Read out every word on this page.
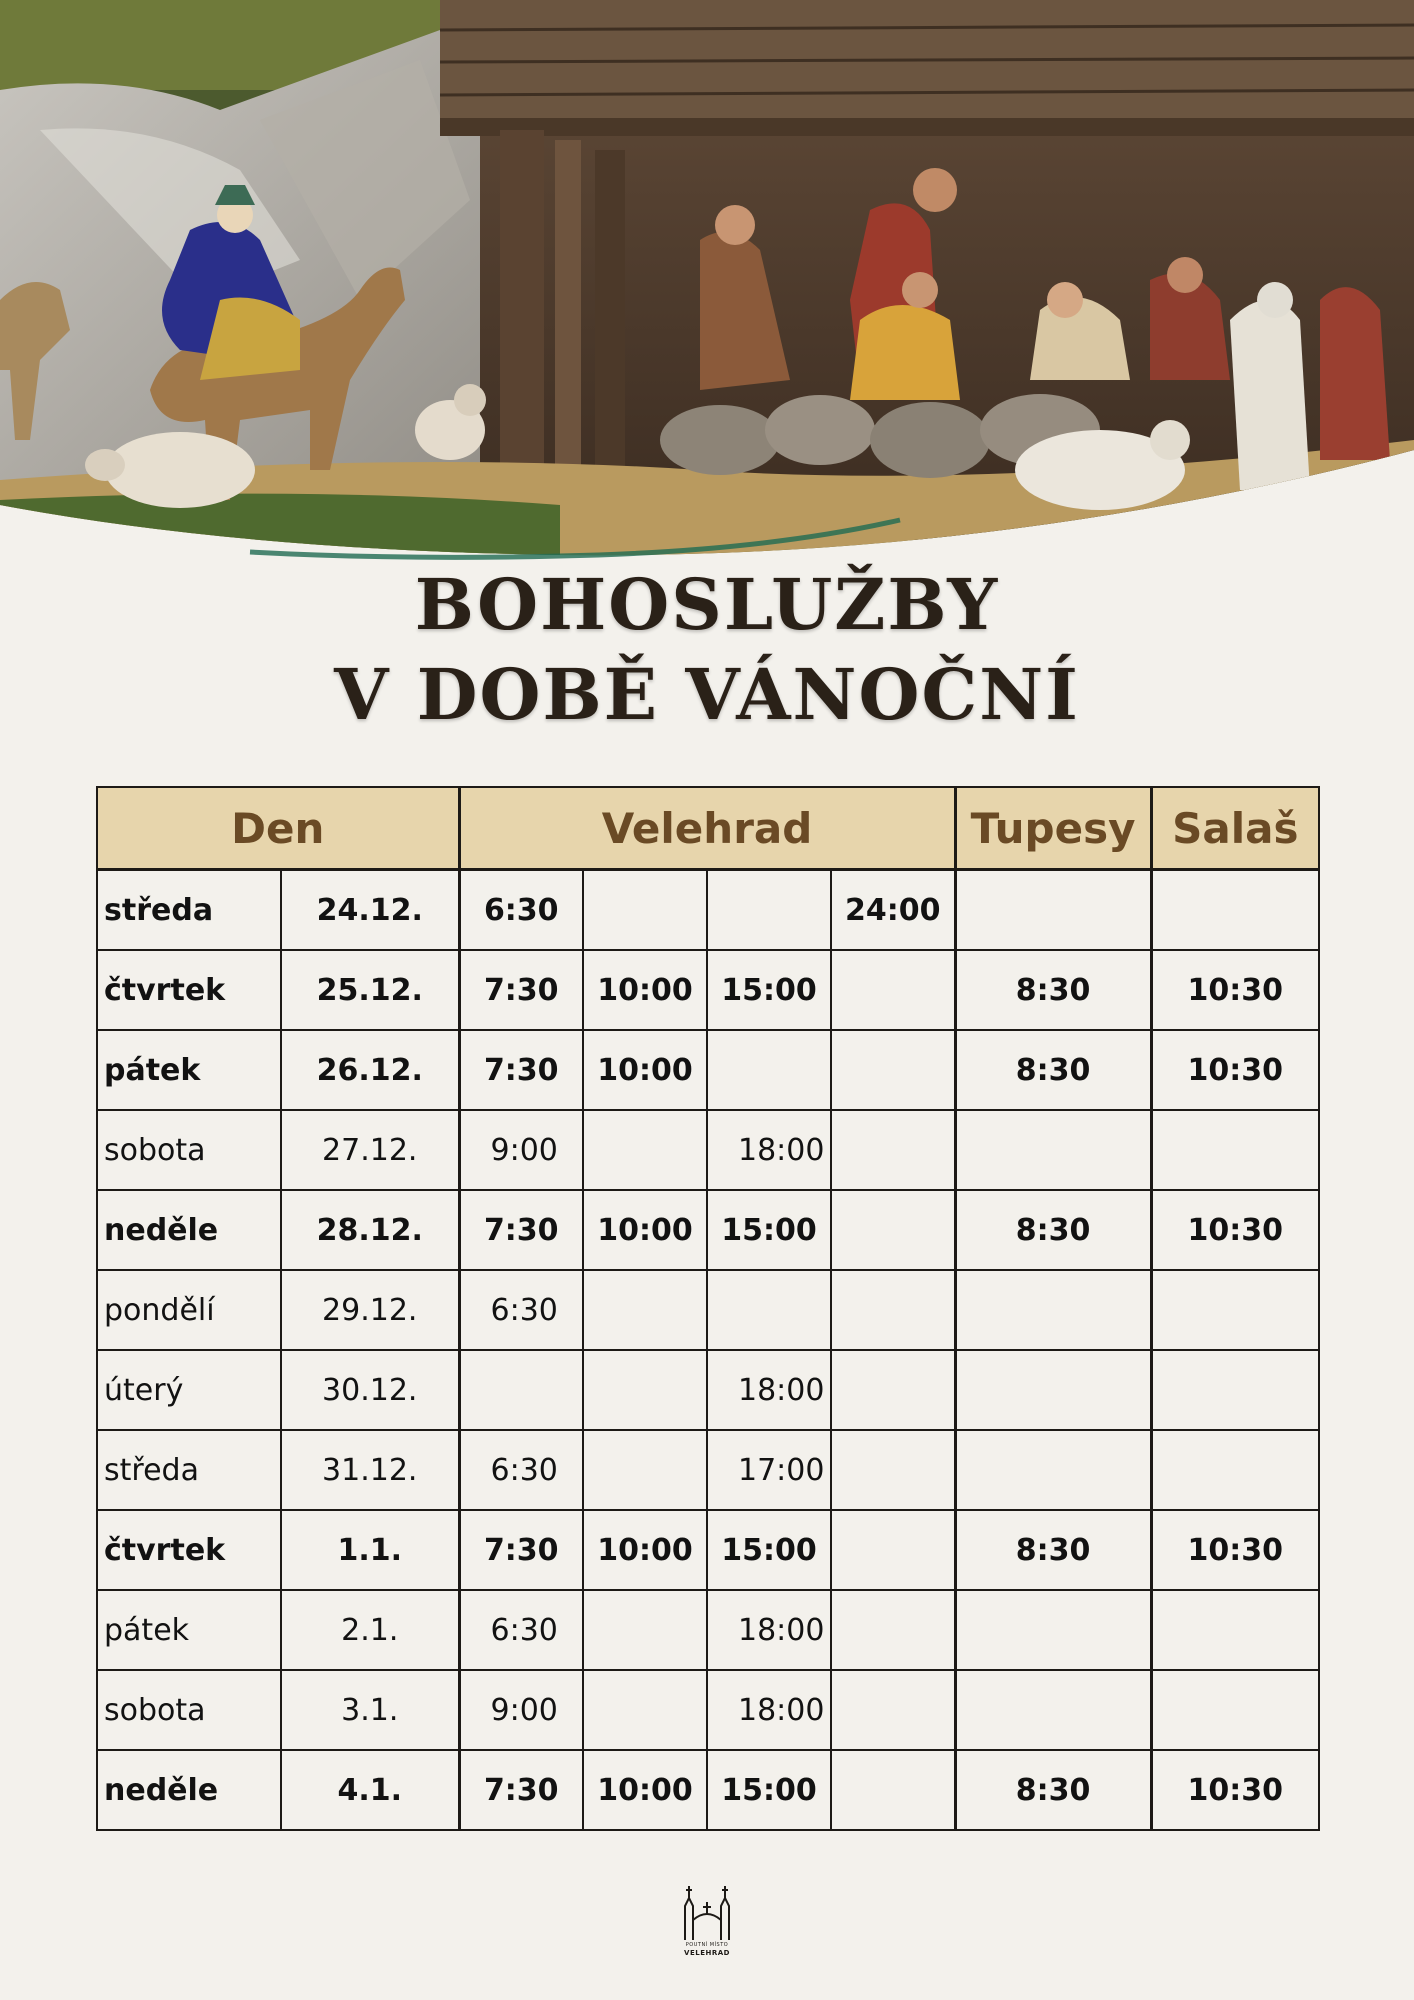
BOHOSLUŽBY
V DOBĚ VÁNOČNÍ
Den		Velehrad				Tupesy	Salaš
středa	24.12.	6:30			24:00		
čtvrtek	25.12.	7:30	10:00	15:00		8:30	10:30
pátek	26.12.	7:30	10:00			8:30	10:30
sobota	27.12.	9:00		18:00			
neděle	28.12.	7:30	10:00	15:00		8:30	10:30
pondělí	29.12.	6:30					
úterý	30.12.			18:00			
středa	31.12.	6:30		17:00			
čtvrtek	1.1.	7:30	10:00	15:00		8:30	10:30
pátek	2.1.	6:30		18:00			
sobota	3.1.	9:00		18:00			
neděle	4.1.	7:30	10:00	15:00		8:30	10:30
POUTNÍ MÍSTO
VELEHRAD
